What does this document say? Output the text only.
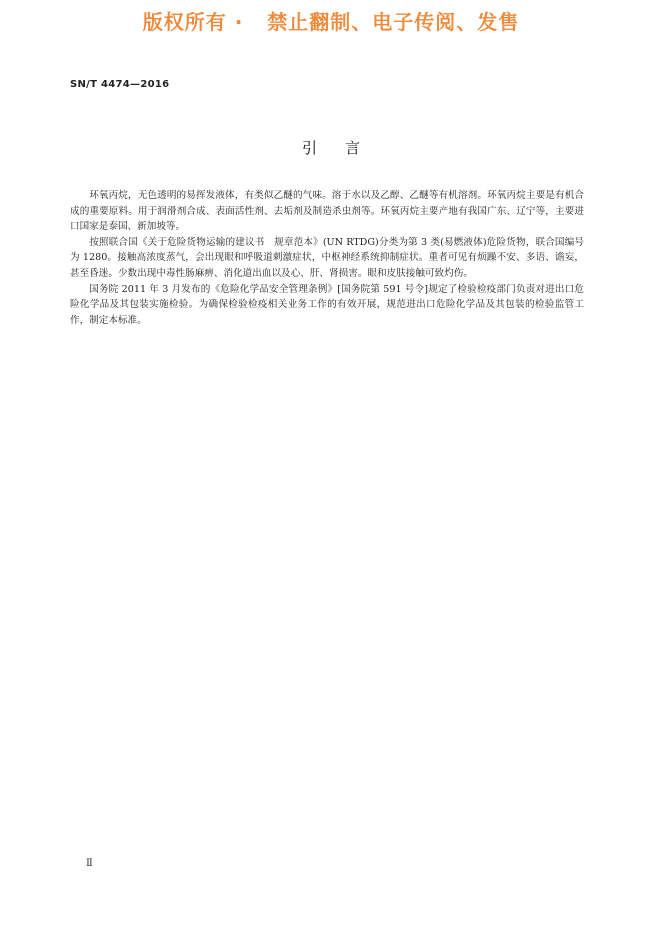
版权所有 ·   禁止翻制、电子传阅、发售
SN/T 4474—2016
引言

环氧丙烷，无色透明的易挥发液体，有类似乙醚的气味。溶于水以及乙醇、乙醚等有机溶剂。环氧丙烷主要是有机合成的重要原料。用于润滑剂合成、表面活性剂、去垢剂及制造杀虫剂等。环氧丙烷主要产地有我国广东、辽宁等，主要进口国家是泰国、新加坡等。

按照联合国《关于危险货物运输的建议书　规章范本》(UN RTDG)分类为第 3 类(易燃液体)危险货物，联合国编号为 1280。接触高浓度蒸气，会出现眼和呼吸道刺激症状，中枢神经系统抑制症状。重者可见有烦躁不安、多语、谵妄，甚至昏迷。少数出现中毒性肠麻痹、消化道出血以及心、肝、肾损害。眼和皮肤接触可致灼伤。

国务院 2011 年 3 月发布的《危险化学品安全管理条例》[国务院第 591 号令]规定了检验检疫部门负责对进出口危险化学品及其包装实施检验。为确保检验检疫相关业务工作的有效开展，规范进出口危险化学品及其包装的检验监管工作，制定本标准。

Ⅱ
